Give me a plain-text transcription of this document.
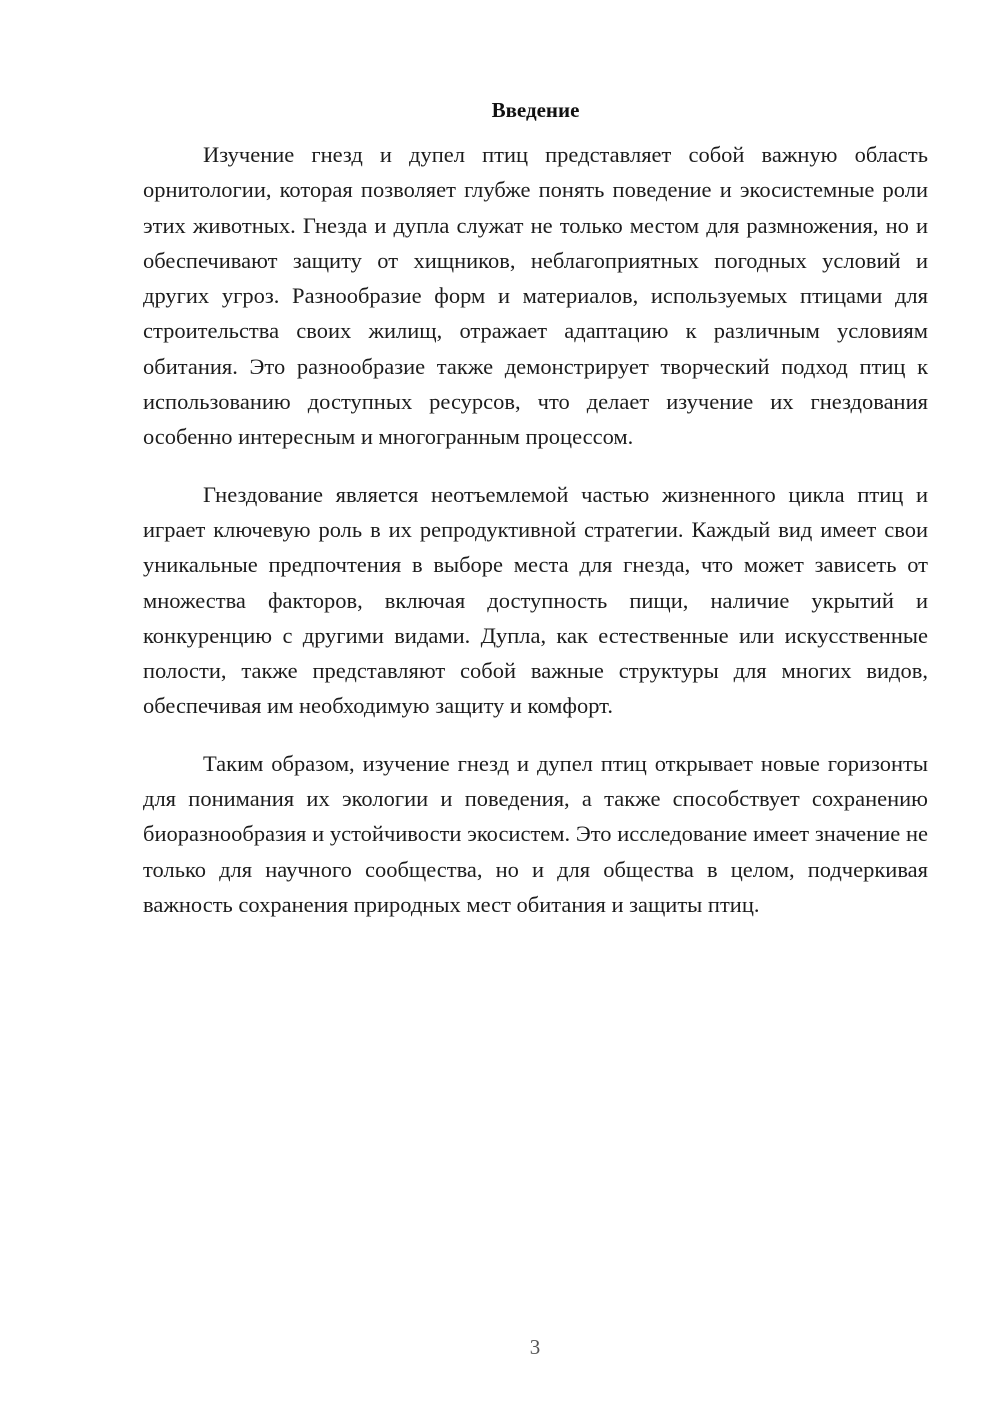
Введение

Изучение гнезд и дупел птиц представляет собой важную область орнитологии, которая позволяет глубже понять поведение и экосистемные роли этих животных. Гнезда и дупла служат не только местом для размножения, но и обеспечивают защиту от хищников, неблагоприятных погодных условий и других угроз. Разнообразие форм и материалов, используемых птицами для строительства своих жилищ, отражает адаптацию к различным условиям обитания. Это разнообразие также демонстрирует творческий подход птиц к использованию доступных ресурсов, что делает изучение их гнездования особенно интересным и многогранным процессом.

Гнездование является неотъемлемой частью жизненного цикла птиц и играет ключевую роль в их репродуктивной стратегии. Каждый вид имеет свои уникальные предпочтения в выборе места для гнезда, что может зависеть от множества факторов, включая доступность пищи, наличие укрытий и конкуренцию с другими видами. Дупла, как естественные или искусственные полости, также представляют собой важные структуры для многих видов, обеспечивая им необходимую защиту и комфорт.

Таким образом, изучение гнезд и дупел птиц открывает новые горизонты для понимания их экологии и поведения, а также способствует сохранению биоразнообразия и устойчивости экосистем. Это исследование имеет значение не только для научного сообщества, но и для общества в целом, подчеркивая важность сохранения природных мест обитания и защиты птиц.

3
